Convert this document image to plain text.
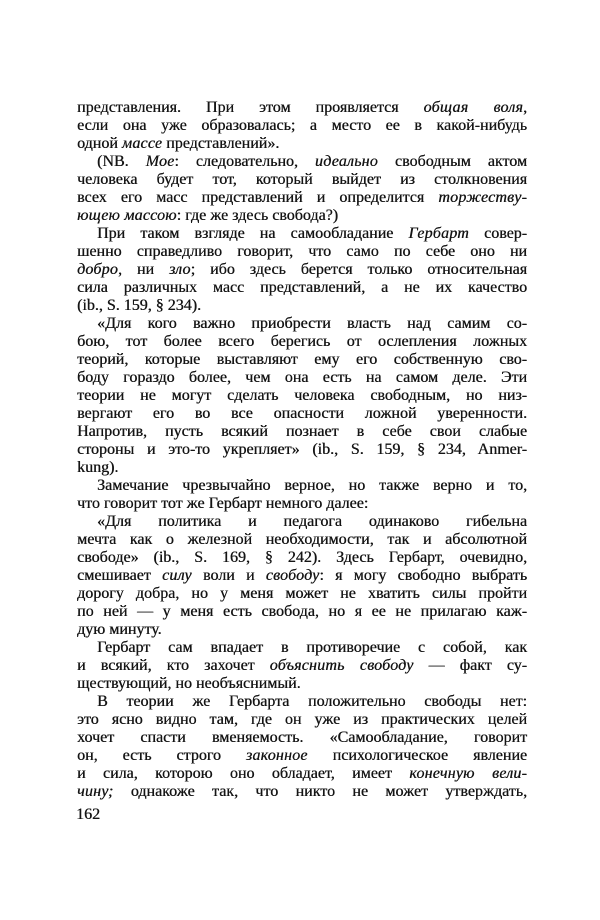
представления. При этом проявляется общая воля,
если она уже образовалась; а место ее в какой-нибудь
одной массе представлений».
(NB. Мое: следовательно, идеально свободным актом
человека будет тот, который выйдет из столкновения
всех его масс представлений и определится торжеству-
ющею массою: где же здесь свобода?)
При таком взгляде на самообладание Гербарт совер-
шенно справедливо говорит, что само по себе оно ни
добро, ни зло; ибо здесь берется только относительная
сила различных масс представлений, а не их качество
(ib., S. 159, § 234).
«Для кого важно приобрести власть над самим со-
бою, тот более всего берегись от ослепления ложных
теорий, которые выставляют ему его собственную сво-
боду гораздо более, чем она есть на самом деле. Эти
теории не могут сделать человека свободным, но низ-
вергают его во все опасности ложной уверенности.
Напротив, пусть всякий познает в себе свои слабые
стороны и это-то укрепляет» (ib., S. 159, § 234, Anmer-
kung).
Замечание чрезвычайно верное, но также верно и то,
что говорит тот же Гербарт немного далее:
«Для политика и педагога одинаково гибельна
мечта как о железной необходимости, так и абсолютной
свободе» (ib., S. 169, § 242). Здесь Гербарт, очевидно,
смешивает силу воли и свободу: я могу свободно выбрать
дорогу добра, но у меня может не хватить силы пройти
по ней — у меня есть свобода, но я ее не прилагаю каж-
дую минуту.
Гербарт сам впадает в противоречие с собой, как
и всякий, кто захочет объяснить свободу — факт су-
ществующий, но необъяснимый.
В теории же Гербарта положительно свободы нет:
это ясно видно там, где он уже из практических целей
хочет спасти вменяемость. «Самообладание, говорит
он, есть строго законное психологическое явление
и сила, которою оно обладает, имеет конечную вели-
чину; однакоже так, что никто не может утверждать,
162
